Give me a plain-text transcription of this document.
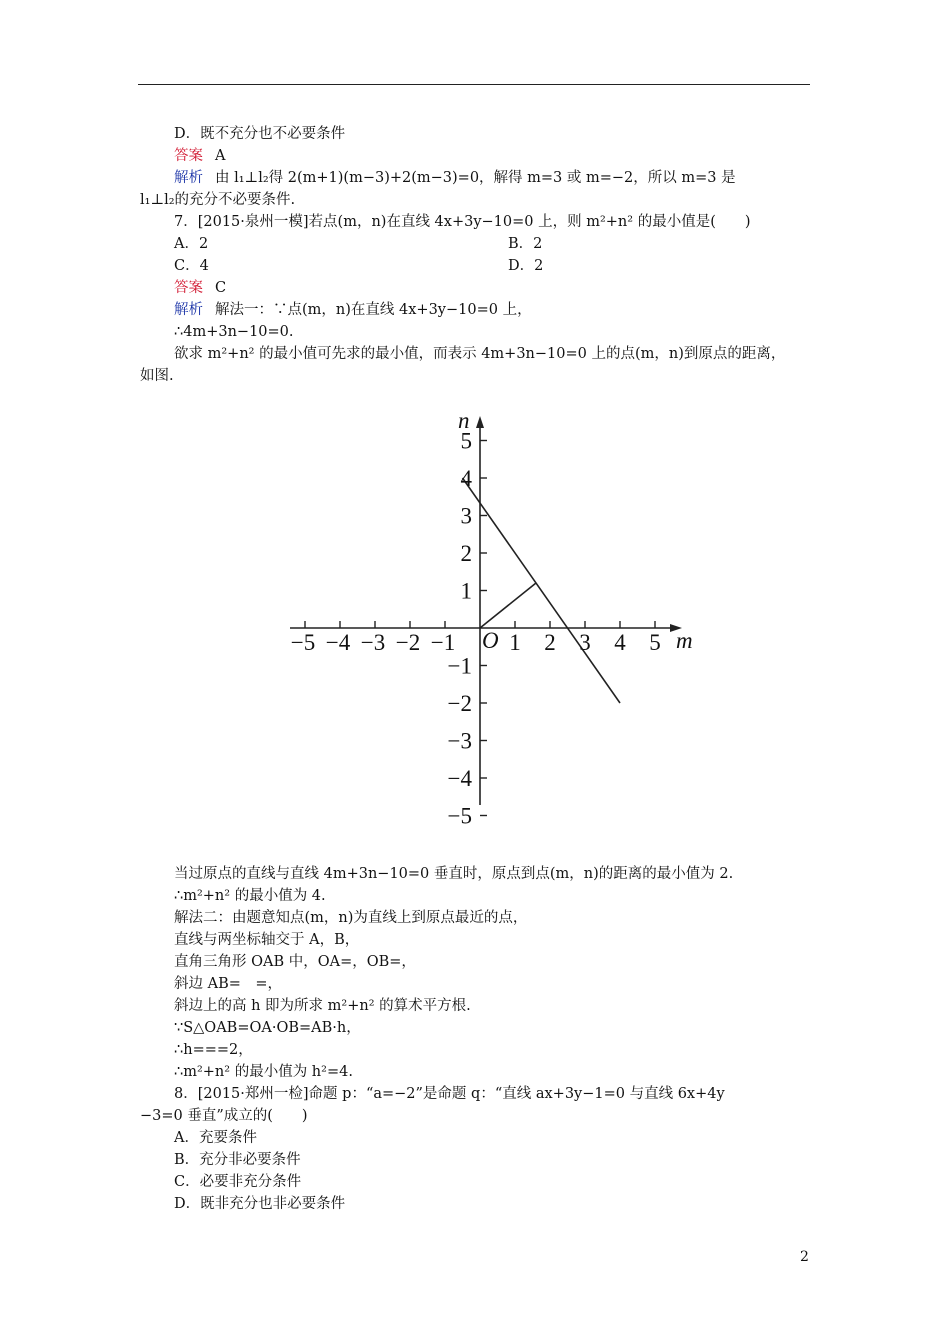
D．既不充分也不必要条件
答案 A
解析 由 l₁⊥l₂得 2(m+1)(m−3)+2(m−3)=0，解得 m=3 或 m=−2，所以 m=3 是
l₁⊥l₂的充分不必要条件.
7．[2015·泉州一模]若点(m，n)在直线 4x+3y−10=0 上，则 m²+n² 的最小值是(　　)
A．2	B．2
C．4	D．2
答案 C
解析 解法一：∵点(m，n)在直线 4x+3y−10=0 上，
∴4m+3n−10=0.
欲求 m²+n² 的最小值可先求的最小值，而表示 4m+3n−10=0 上的点(m，n)到原点的距离，
如图.
−5 −4 −3 −2 −1 1 2 3 4 5
5
4
3
2
1
−1
−2
−3
−4
−5
O	m
n
当过原点的直线与直线 4m+3n−10=0 垂直时，原点到点(m，n)的距离的最小值为 2.
∴m²+n² 的最小值为 4.
解法二：由题意知点(m，n)为直线上到原点最近的点，
直线与两坐标轴交于 A，B，
直角三角形 OAB 中，OA=，OB=，
斜边 AB=　=，
斜边上的高 h 即为所求 m²+n² 的算术平方根.
∵S△OAB=OA·OB=AB·h，
∴h===2，
∴m²+n² 的最小值为 h²=4.
8．[2015·郑州一检]命题 p：“a=−2”是命题 q：“直线 ax+3y−1=0 与直线 6x+4y
−3=0 垂直”成立的(　　)
A．充要条件
B．充分非必要条件
C．必要非充分条件
D．既非充分也非必要条件
2
